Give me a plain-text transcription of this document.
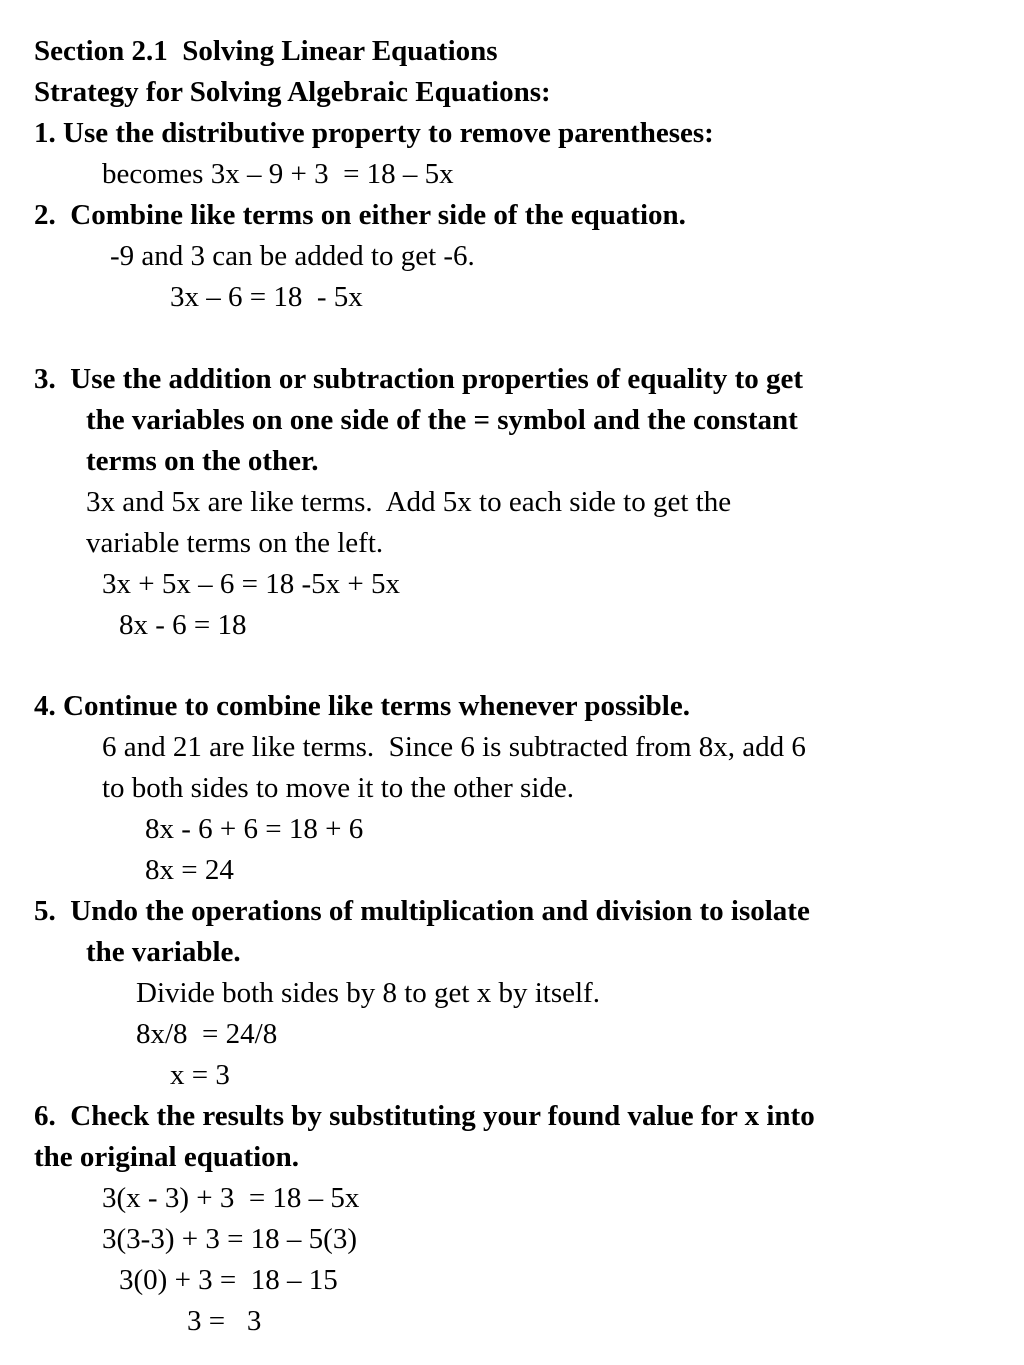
Section 2.1  Solving Linear Equations
Strategy for Solving Algebraic Equations:
1. Use the distributive property to remove parentheses:
becomes 3x – 9 + 3  = 18 – 5x
2.  Combine like terms on either side of the equation.
-9 and 3 can be added to get -6.
3x – 6 = 18  - 5x
3.  Use the addition or subtraction properties of equality to get
the variables on one side of the = symbol and the constant
terms on the other.
3x and 5x are like terms.  Add 5x to each side to get the
variable terms on the left.
3x + 5x – 6 = 18 -5x + 5x
8x - 6 = 18
4. Continue to combine like terms whenever possible.
6 and 21 are like terms.  Since 6 is subtracted from 8x, add 6
to both sides to move it to the other side.
8x - 6 + 6 = 18 + 6
8x = 24
5.  Undo the operations of multiplication and division to isolate
the variable.
Divide both sides by 8 to get x by itself.
8x/8  = 24/8
x = 3
6.  Check the results by substituting your found value for x into
the original equation.
3(x - 3) + 3  = 18 – 5x
3(3-3) + 3 = 18 – 5(3)
3(0) + 3 =  18 – 15
3 =   3
